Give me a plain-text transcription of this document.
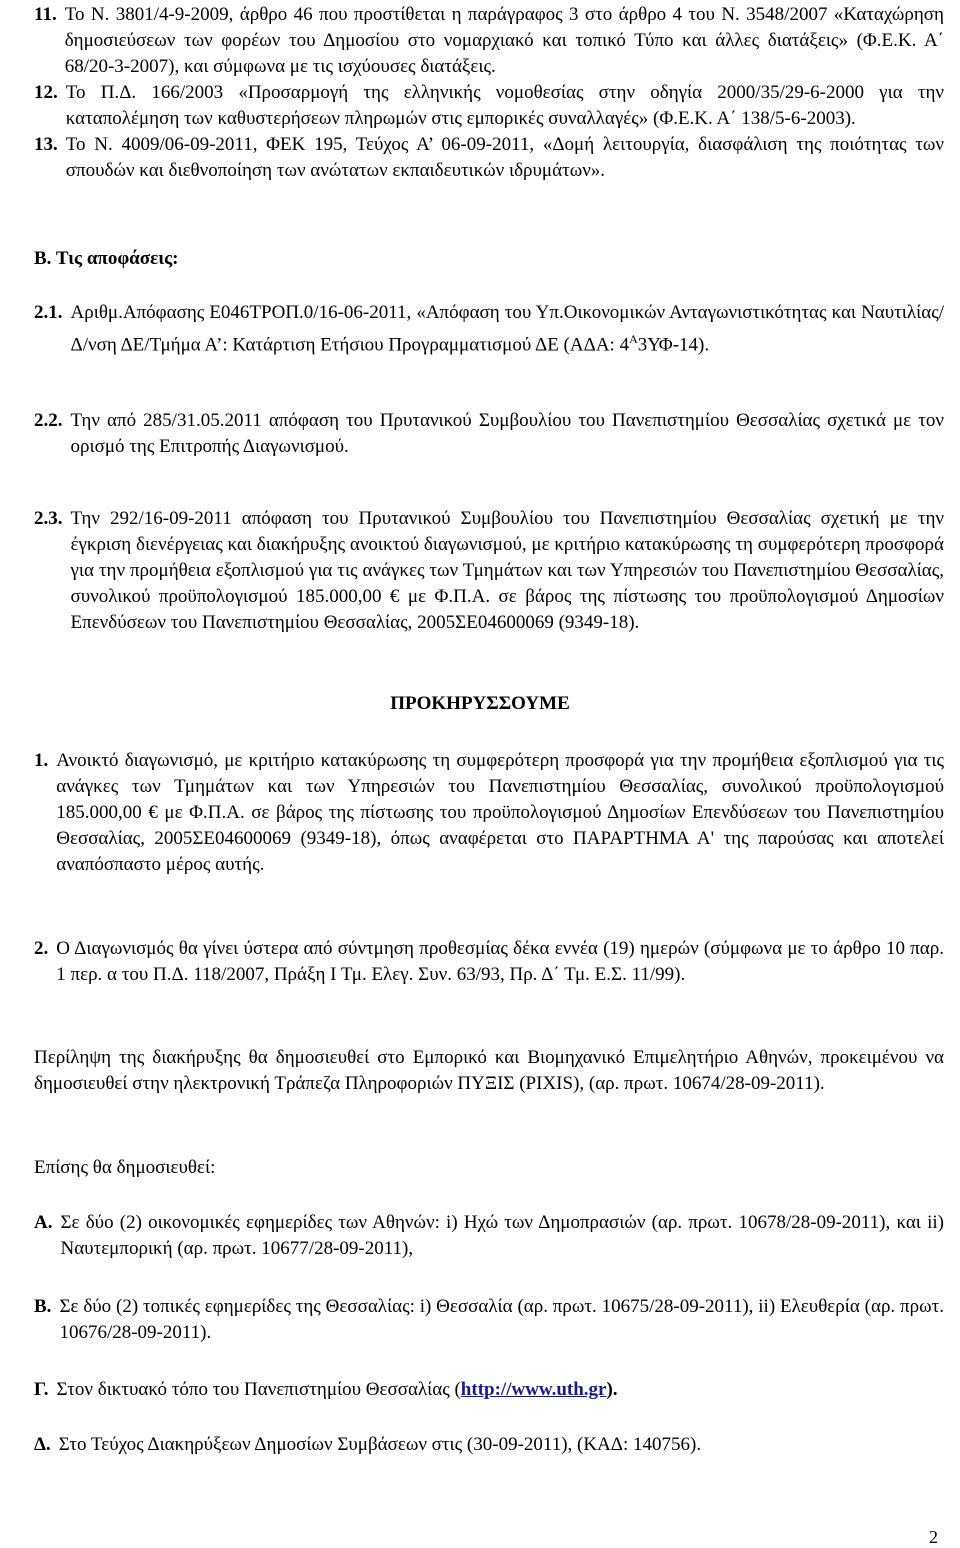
11. Το Ν. 3801/4-9-2009, άρθρο 46 που προστίθεται η παράγραφος 3 στο άρθρο 4 του Ν. 3548/2007 «Καταχώρηση δημοσιεύσεων των φορέων του Δημοσίου στο νομαρχιακό και τοπικό Τύπο και άλλες διατάξεις» (Φ.Ε.Κ. Α΄ 68/20-3-2007), και σύμφωνα με τις ισχύουσες διατάξεις.
12. Το Π.Δ. 166/2003 «Προσαρμογή της ελληνικής νομοθεσίας στην οδηγία 2000/35/29-6-2000 για την καταπολέμηση των καθυστερήσεων πληρωμών στις εμπορικές συναλλαγές» (Φ.Ε.Κ. Α΄ 138/5-6-2003).
13. Το Ν. 4009/06-09-2011, ΦΕΚ 195, Τεύχος Α’ 06-09-2011, «Δομή λειτουργία, διασφάλιση της ποιότητας των σπουδών και διεθνοποίηση των ανώτατων εκπαιδευτικών ιδρυμάτων».

Β. Τις αποφάσεις:

2.1. Αριθμ.Απόφασης Ε046ΤΡΟΠ.0/16-06-2011, «Απόφαση του Υπ.Οικονομικών Ανταγωνιστικότητας και Ναυτιλίας/Δ/νση ΔΕ/Τμήμα Α’: Κατάρτιση Ετήσιου Προγραμματισμού ΔΕ (ΑΔΑ: $4^A3\Upsilon\Phi-14$).
2.2. Την από 285/31.05.2011 απόφαση του Πρυτανικού Συμβουλίου του Πανεπιστημίου Θεσσαλίας σχετικά με τον ορισμό της Επιτροπής Διαγωνισμού.
2.3. Την 292/16-09-2011 απόφαση του Πρυτανικού Συμβουλίου του Πανεπιστημίου Θεσσαλίας σχετική με την έγκριση διενέργειας και διακήρυξης ανοικτού διαγωνισμού, με κριτήριο κατακύρωσης τη συμφερότερη προσφορά για την προμήθεια εξοπλισμού για τις ανάγκες των Τμημάτων και των Υπηρεσιών του Πανεπιστημίου Θεσσαλίας, συνολικού προϋπολογισμού 185.000,00 € με Φ.Π.Α. σε βάρος της πίστωσης του προϋπολογισμού Δημοσίων Επενδύσεων του Πανεπιστημίου Θεσσαλίας, 2005ΣΕ04600069 (9349-18).

ΠΡΟΚΗΡΥΣΣΟΥΜΕ

1. Ανοικτό διαγωνισμό, με κριτήριο κατακύρωσης τη συμφερότερη προσφορά για την προμήθεια εξοπλισμού για τις ανάγκες των Τμημάτων και των Υπηρεσιών του Πανεπιστημίου Θεσσαλίας, συνολικού προϋπολογισμού 185.000,00 € με Φ.Π.Α. σε βάρος της πίστωσης του προϋπολογισμού Δημοσίων Επενδύσεων του Πανεπιστημίου Θεσσαλίας, 2005ΣΕ04600069 (9349-18), όπως αναφέρεται στο ΠΑΡΑΡΤΗΜΑ Α' της παρούσας και αποτελεί αναπόσπαστο μέρος αυτής.
2. Ο Διαγωνισμός θα γίνει ύστερα από σύντμηση προθεσμίας δέκα εννέα (19) ημερών (σύμφωνα με το άρθρο 10 παρ. 1 περ. α του Π.Δ. 118/2007, Πράξη Ι Τμ. Ελεγ. Συν. 63/93, Πρ. Δ΄ Τμ. Ε.Σ. 11/99).

Περίληψη της διακήρυξης θα δημοσιευθεί στο Εμπορικό και Βιομηχανικό Επιμελητήριο Αθηνών, προκειμένου να δημοσιευθεί στην ηλεκτρονική Τράπεζα Πληροφοριών ΠΥΞΙΣ (PIXIS), (αρ. πρωτ. 10674/28-09-2011).

Επίσης θα δημοσιευθεί:

Α. Σε δύο (2) οικονομικές εφημερίδες των Αθηνών: i) Ηχώ των Δημοπρασιών (αρ. πρωτ. 10678/28-09-2011), και ii) Ναυτεμπορική (αρ. πρωτ. 10677/28-09-2011),
Β. Σε δύο (2) τοπικές εφημερίδες της Θεσσαλίας: i) Θεσσαλία (αρ. πρωτ. 10675/28-09-2011), ii) Ελευθερία (αρ. πρωτ. 10676/28-09-2011).
Γ. Στον δικτυακό τόπο του Πανεπιστημίου Θεσσαλίας (http://www.uth.gr).
Δ. Στο Τεύχος Διακηρύξεων Δημοσίων Συμβάσεων στις (30-09-2011), (ΚΑΔ: 140756).
2
